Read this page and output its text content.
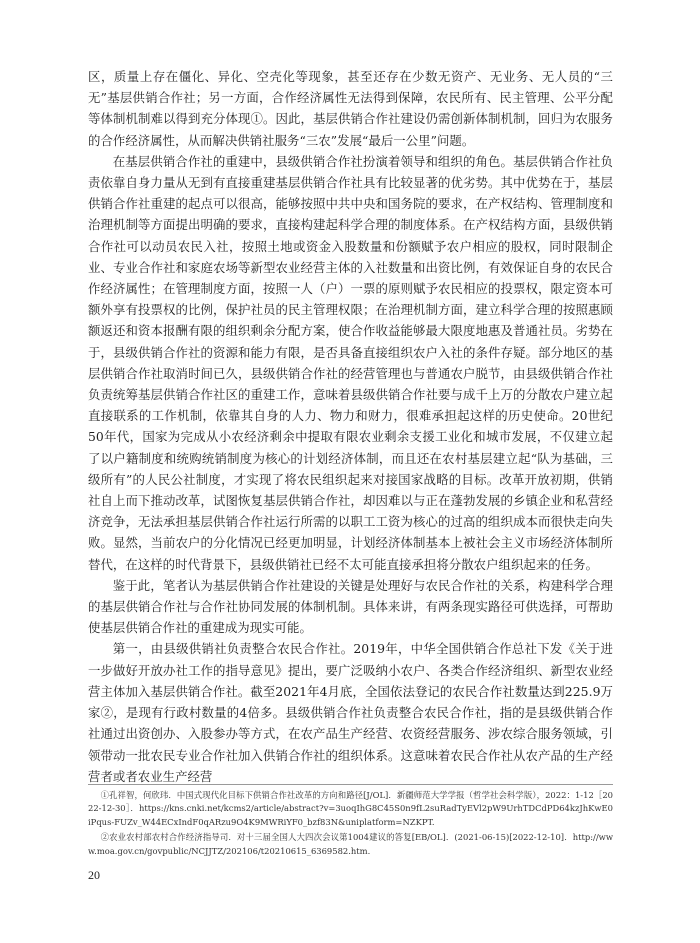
区，质量上存在僵化、异化、空壳化等现象，甚至还存在少数无资产、无业务、无人员的“三无”基层供销合作社；另一方面，合作经济属性无法得到保障，农民所有、民主管理、公平分配等体制机制难以得到充分体现①。因此，基层供销合作社建设仍需创新体制机制，回归为农服务的合作经济属性，从而解决供销社服务“三农”发展“最后一公里”问题。

在基层供销合作社的重建中，县级供销合作社扮演着领导和组织的角色。基层供销合作社负责依靠自身力量从无到有直接重建基层供销合作社具有比较显著的优劣势。其中优势在于，基层供销合作社重建的起点可以很高，能够按照中共中央和国务院的要求，在产权结构、管理制度和治理机制等方面提出明确的要求，直接构建起科学合理的制度体系。在产权结构方面，县级供销合作社可以动员农民入社，按照土地或资金入股数量和份额赋予农户相应的股权，同时限制企业、专业合作社和家庭农场等新型农业经营主体的入社数量和出资比例，有效保证自身的农民合作经济属性；在管理制度方面，按照一人（户）一票的原则赋予农民相应的投票权，限定资本可额外享有投票权的比例，保护社员的民主管理权限；在治理机制方面，建立科学合理的按照惠顾额返还和资本报酬有限的组织剩余分配方案，使合作收益能够最大限度地惠及普通社员。劣势在于，县级供销合作社的资源和能力有限，是否具备直接组织农户入社的条件存疑。部分地区的基层供销合作社取消时间已久，县级供销合作社的经营管理也与普通农户脱节，由县级供销合作社负责统筹基层供销合作社区的重建工作，意味着县级供销合作社要与成千上万的分散农户建立起直接联系的工作机制，依靠其自身的人力、物力和财力，很难承担起这样的历史使命。20世纪50年代，国家为完成从小农经济剩余中提取有限农业剩余支援工业化和城市发展，不仅建立起了以户籍制度和统购统销制度为核心的计划经济体制，而且还在农村基层建立起“队为基础，三级所有”的人民公社制度，才实现了将农民组织起来对接国家战略的目标。改革开放初期，供销社自上而下推动改革，试图恢复基层供销合作社，却因难以与正在蓬勃发展的乡镇企业和私营经济竞争，无法承担基层供销合作社运行所需的以职工工资为核心的过高的组织成本而很快走向失败。显然，当前农户的分化情况已经更加明显，计划经济体制基本上被社会主义市场经济体制所替代，在这样的时代背景下，县级供销社已经不太可能直接承担将分散农户组织起来的任务。

鉴于此，笔者认为基层供销合作社建设的关键是处理好与农民合作社的关系，构建科学合理的基层供销合作社与合作社协同发展的体制机制。具体来讲，有两条现实路径可供选择，可帮助使基层供销合作社的重建成为现实可能。

第一，由县级供销社负责整合农民合作社。2019年，中华全国供销合作总社下发《关于进一步做好开放办社工作的指导意见》提出，要广泛吸纳小农户、各类合作经济组织、新型农业经营主体加入基层供销合作社。截至2021年4月底，全国依法登记的农民合作社数量达到225.9万家②，是现有行政村数量的4倍多。县级供销合作社负责整合农民合作社，指的是县级供销合作社通过出资创办、入股参办等方式，在农产品生产经营、农资经营服务、涉农综合服务领域，引领带动一批农民专业合作社加入供销合作社的组织体系。这意味着农民合作社从农产品的生产经营者或者农业生产经营

①孔祥智，何欣玮．中国式现代化目标下供销合作社改革的方向和路径[J/OL]．新疆师范大学学报（哲学社会科学版），2022：1-12［2022-12-30］．https://kns.cnki.net/kcms2/article/abstract?v=3uoqIhG8C45S0n9fL2suRadTyEVl2pW9UrhTDCdPD64kzJhKwE0iPqus-FUZv_W44ECxIndF0qARzu9O4K9MWRiYF0_bzf83N&uniplatform=NZKPT.

②农业农村部农村合作经济指导司．对十三届全国人大四次会议第1004建议的答复[EB/OL]．(2021-06-15)[2022-12-10]．http://www.moa.gov.cn/govpublic/NCJJTZ/202106/t20210615_6369582.htm.

20
